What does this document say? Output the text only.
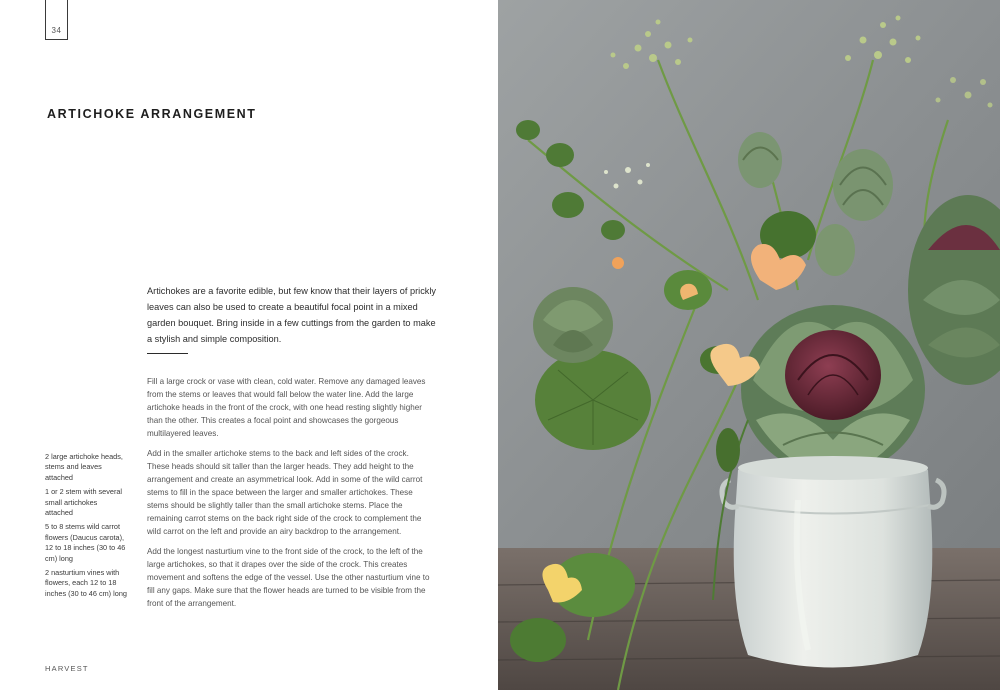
34
ARTICHOKE ARRANGEMENT

Artichokes are a favorite edible, but few know that their layers of prickly leaves can also be used to create a beautiful focal point in a mixed garden bouquet. Bring inside in a few cuttings from the garden to make a stylish and simple composition.

Fill a large crock or vase with clean, cold water. Remove any damaged leaves from the stems or leaves that would fall below the water line. Add the large artichoke heads in the front of the crock, with one head resting slightly higher than the other. This creates a focal point and showcases the gorgeous multilayered leaves.

Add in the smaller artichoke stems to the back and left sides of the crock. These heads should sit taller than the larger heads. They add height to the arrangement and create an asymmetrical look. Add in some of the wild carrot stems to fill in the space between the larger and smaller artichokes. These stems should be slightly taller than the small artichoke stems. Place the remaining carrot stems on the back right side of the crock to complement the wild carrot on the left and provide an airy backdrop to the arrangement.

Add the longest nasturtium vine to the front side of the crock, to the left of the large artichokes, so that it drapes over the side of the crock. This creates movement and softens the edge of the vessel. Use the other nasturtium vine to fill any gaps. Make sure that the flower heads are turned to be visible from the front of the arrangement.

2 large artichoke heads, stems and leaves attached

1 or 2 stem with several small artichokes attached

5 to 8 stems wild carrot flowers (Daucus carota), 12 to 18 inches (30 to 46 cm) long

2 nasturtium vines with flowers, each 12 to 18 inches (30 to 46 cm) long

HARVEST
